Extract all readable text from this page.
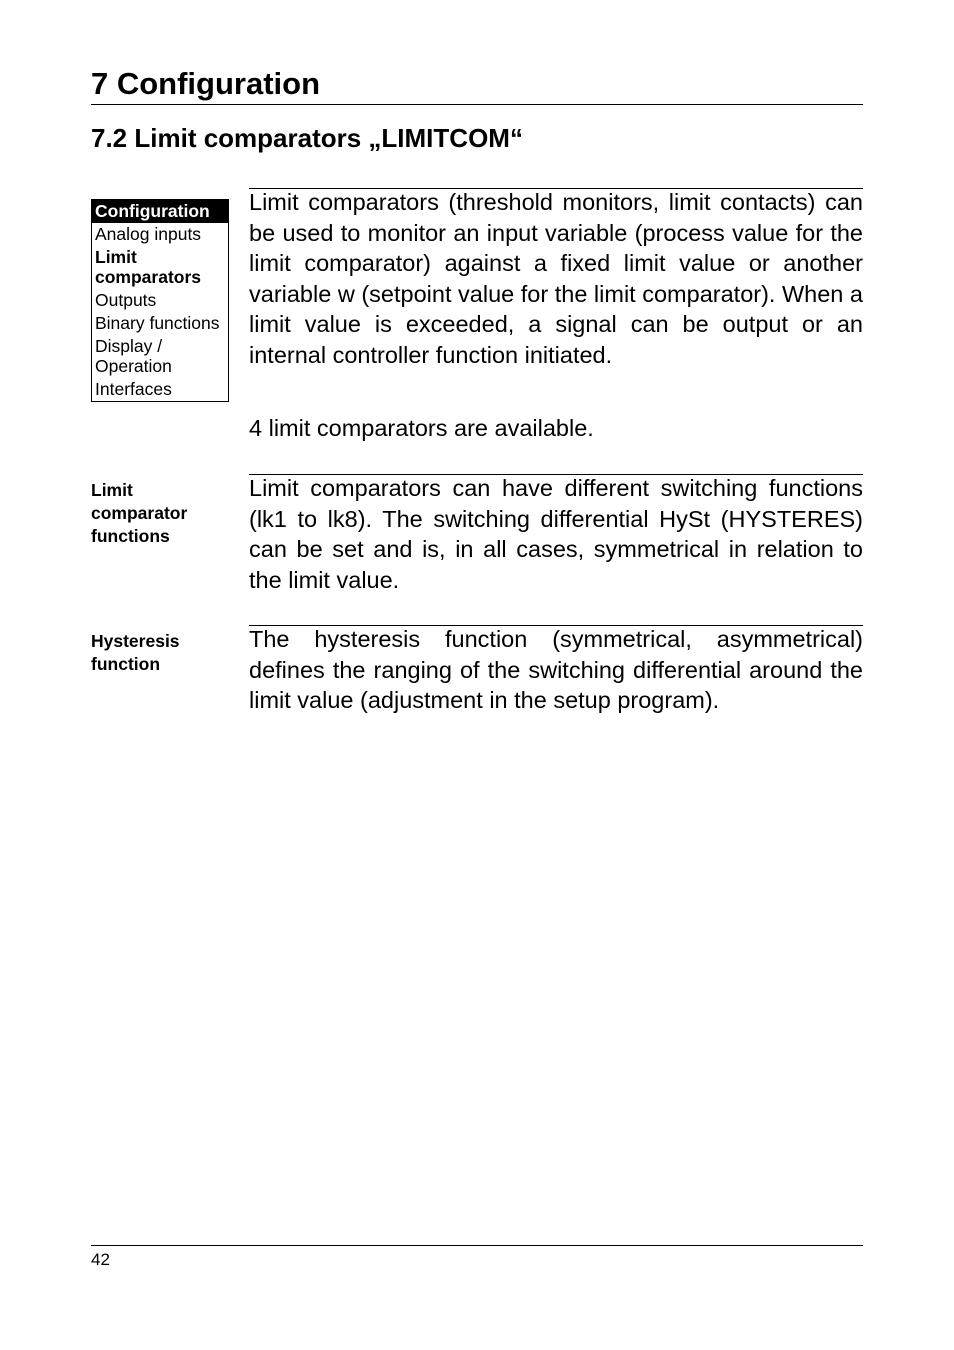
7 Configuration
7.2 Limit comparators „LIMITCOM“
Configuration
Analog inputs
Limit comparators
Outputs
Binary functions
Display / Operation
Interfaces

Limit comparators (threshold monitors, limit contacts) can be used to monitor an input variable (process value for the limit comparator) against a fixed limit value or another variable w (setpoint value for the limit comparator). When a limit value is exceeded, a signal can be output or an internal controller function initiated.

4 limit comparators are available.

Limit comparator functions

Limit comparators can have different switching functions (lk1 to lk8). The switching differential HySt (HYSTERES) can be set and is, in all cases, symmetrical in relation to the limit value.

Hysteresis function

The hysteresis function (symmetrical, asymmetrical) defines the ranging of the switching differential around the limit value (adjustment in the setup program).

42
